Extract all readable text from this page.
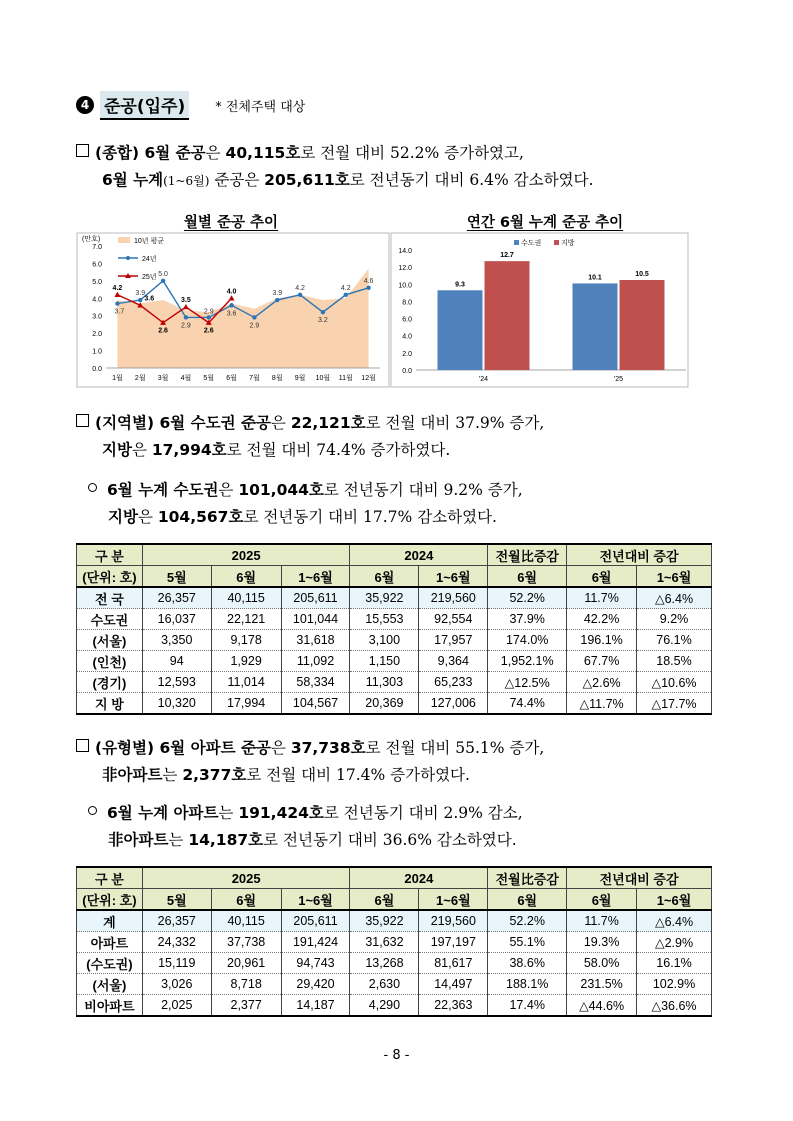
4 준공(입주)	* 전체주택 대상
(종합) 6월 준공은 40,115호로 전월 대비 52.2% 증가하였고,
6월 누계(1~6월) 준공은 205,611호로 전년동기 대비 6.4% 감소하였다.
월별 준공 추이	연간 6월 누계 준공 추이
0.0
1.0
2.0
3.0
4.0
5.0
6.0
7.0
(만호)
1월 2월 3월 4월 5월 6월 7월 8월 9월 10월 11월 12월
3.7
3.9
5.0
2.9
2.9 3.6
2.9
3.9
4.2
3.2
4.2
4.6
4.2
3.6
2.6
3.5
2.6
4.0
10년 평균
24년
25년
0.0
2.0
4.0
6.0
8.0
10.0
12.0
14.0
'24
9.3
12.7
'25
10.1	10.5
수도권	지방
(지역별) 6월 수도권 준공은 22,121호로 전월 대비 37.9% 증가,
지방은 17,994호로 전월 대비 74.4% 증가하였다.
6월 누계 수도권은 101,044호로 전년동기 대비 9.2% 증가,
지방은 104,567호로 전년동기 대비 17.7% 감소하였다.
구 분	2025			2024		전월比증감	전년대비 증감	
(단위: 호)	5월	6월	1~6월	6월	1~6월	6월	6월	1~6월
전 국	26,357	40,115	205,611	35,922	219,560	52.2%	11.7%	△6.4%
수도권	16,037	22,121	101,044	15,553	92,554	37.9%	42.2%	9.2%
(서울)	3,350	9,178	31,618	3,100	17,957	174.0%	196.1%	76.1%
(인천)	94	1,929	11,092	1,150	9,364	1,952.1%	67.7%	18.5%
(경기)	12,593	11,014	58,334	11,303	65,233	△12.5%	△2.6%	△10.6%
지 방	10,320	17,994	104,567	20,369	127,006	74.4%	△11.7%	△17.7%
(유형별) 6월 아파트 준공은 37,738호로 전월 대비 55.1% 증가,
非아파트는 2,377호로 전월 대비 17.4% 증가하였다.
6월 누계 아파트는 191,424호로 전년동기 대비 2.9% 감소,
非아파트는 14,187호로 전년동기 대비 36.6% 감소하였다.
구 분	2025			2024		전월比증감	전년대비 증감	
(단위: 호)	5월	6월	1~6월	6월	1~6월	6월	6월	1~6월
계	26,357	40,115	205,611	35,922	219,560	52.2%	11.7%	△6.4%
아파트	24,332	37,738	191,424	31,632	197,197	55.1%	19.3%	△2.9%
(수도권)	15,119	20,961	94,743	13,268	81,617	38.6%	58.0%	16.1%
(서울)	3,026	8,718	29,420	2,630	14,497	188.1%	231.5%	102.9%
비아파트	2,025	2,377	14,187	4,290	22,363	17.4%	△44.6%	△36.6%
- 8 -
